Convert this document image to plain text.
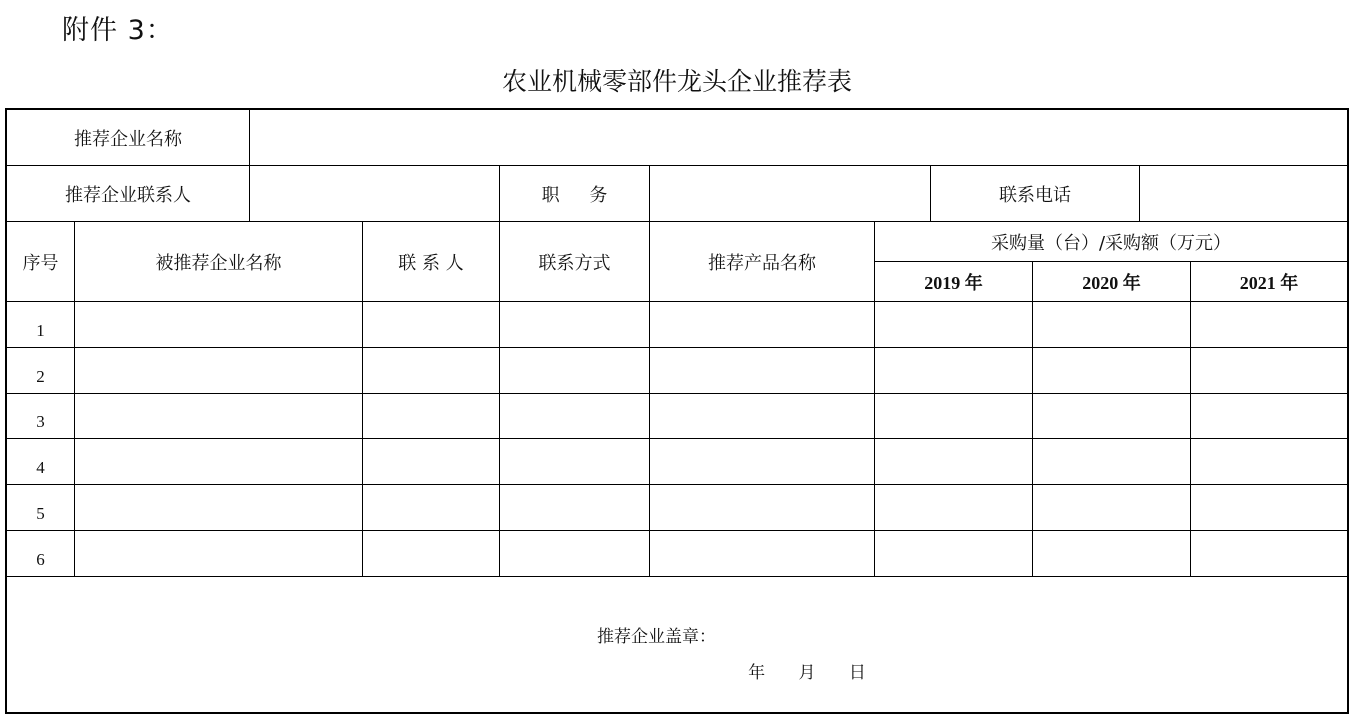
附件 3：
农业机械零部件龙头企业推荐表
推荐企业名称
推荐企业联系人	职 务	联系电话
序号	被推荐企业名称	联 系 人	联系方式	推荐产品名称
采购量（台）/采购额（万元）
2019 年	2020 年	2021 年
1
2
3
4
5
6
推荐企业盖章：
年 月 日
